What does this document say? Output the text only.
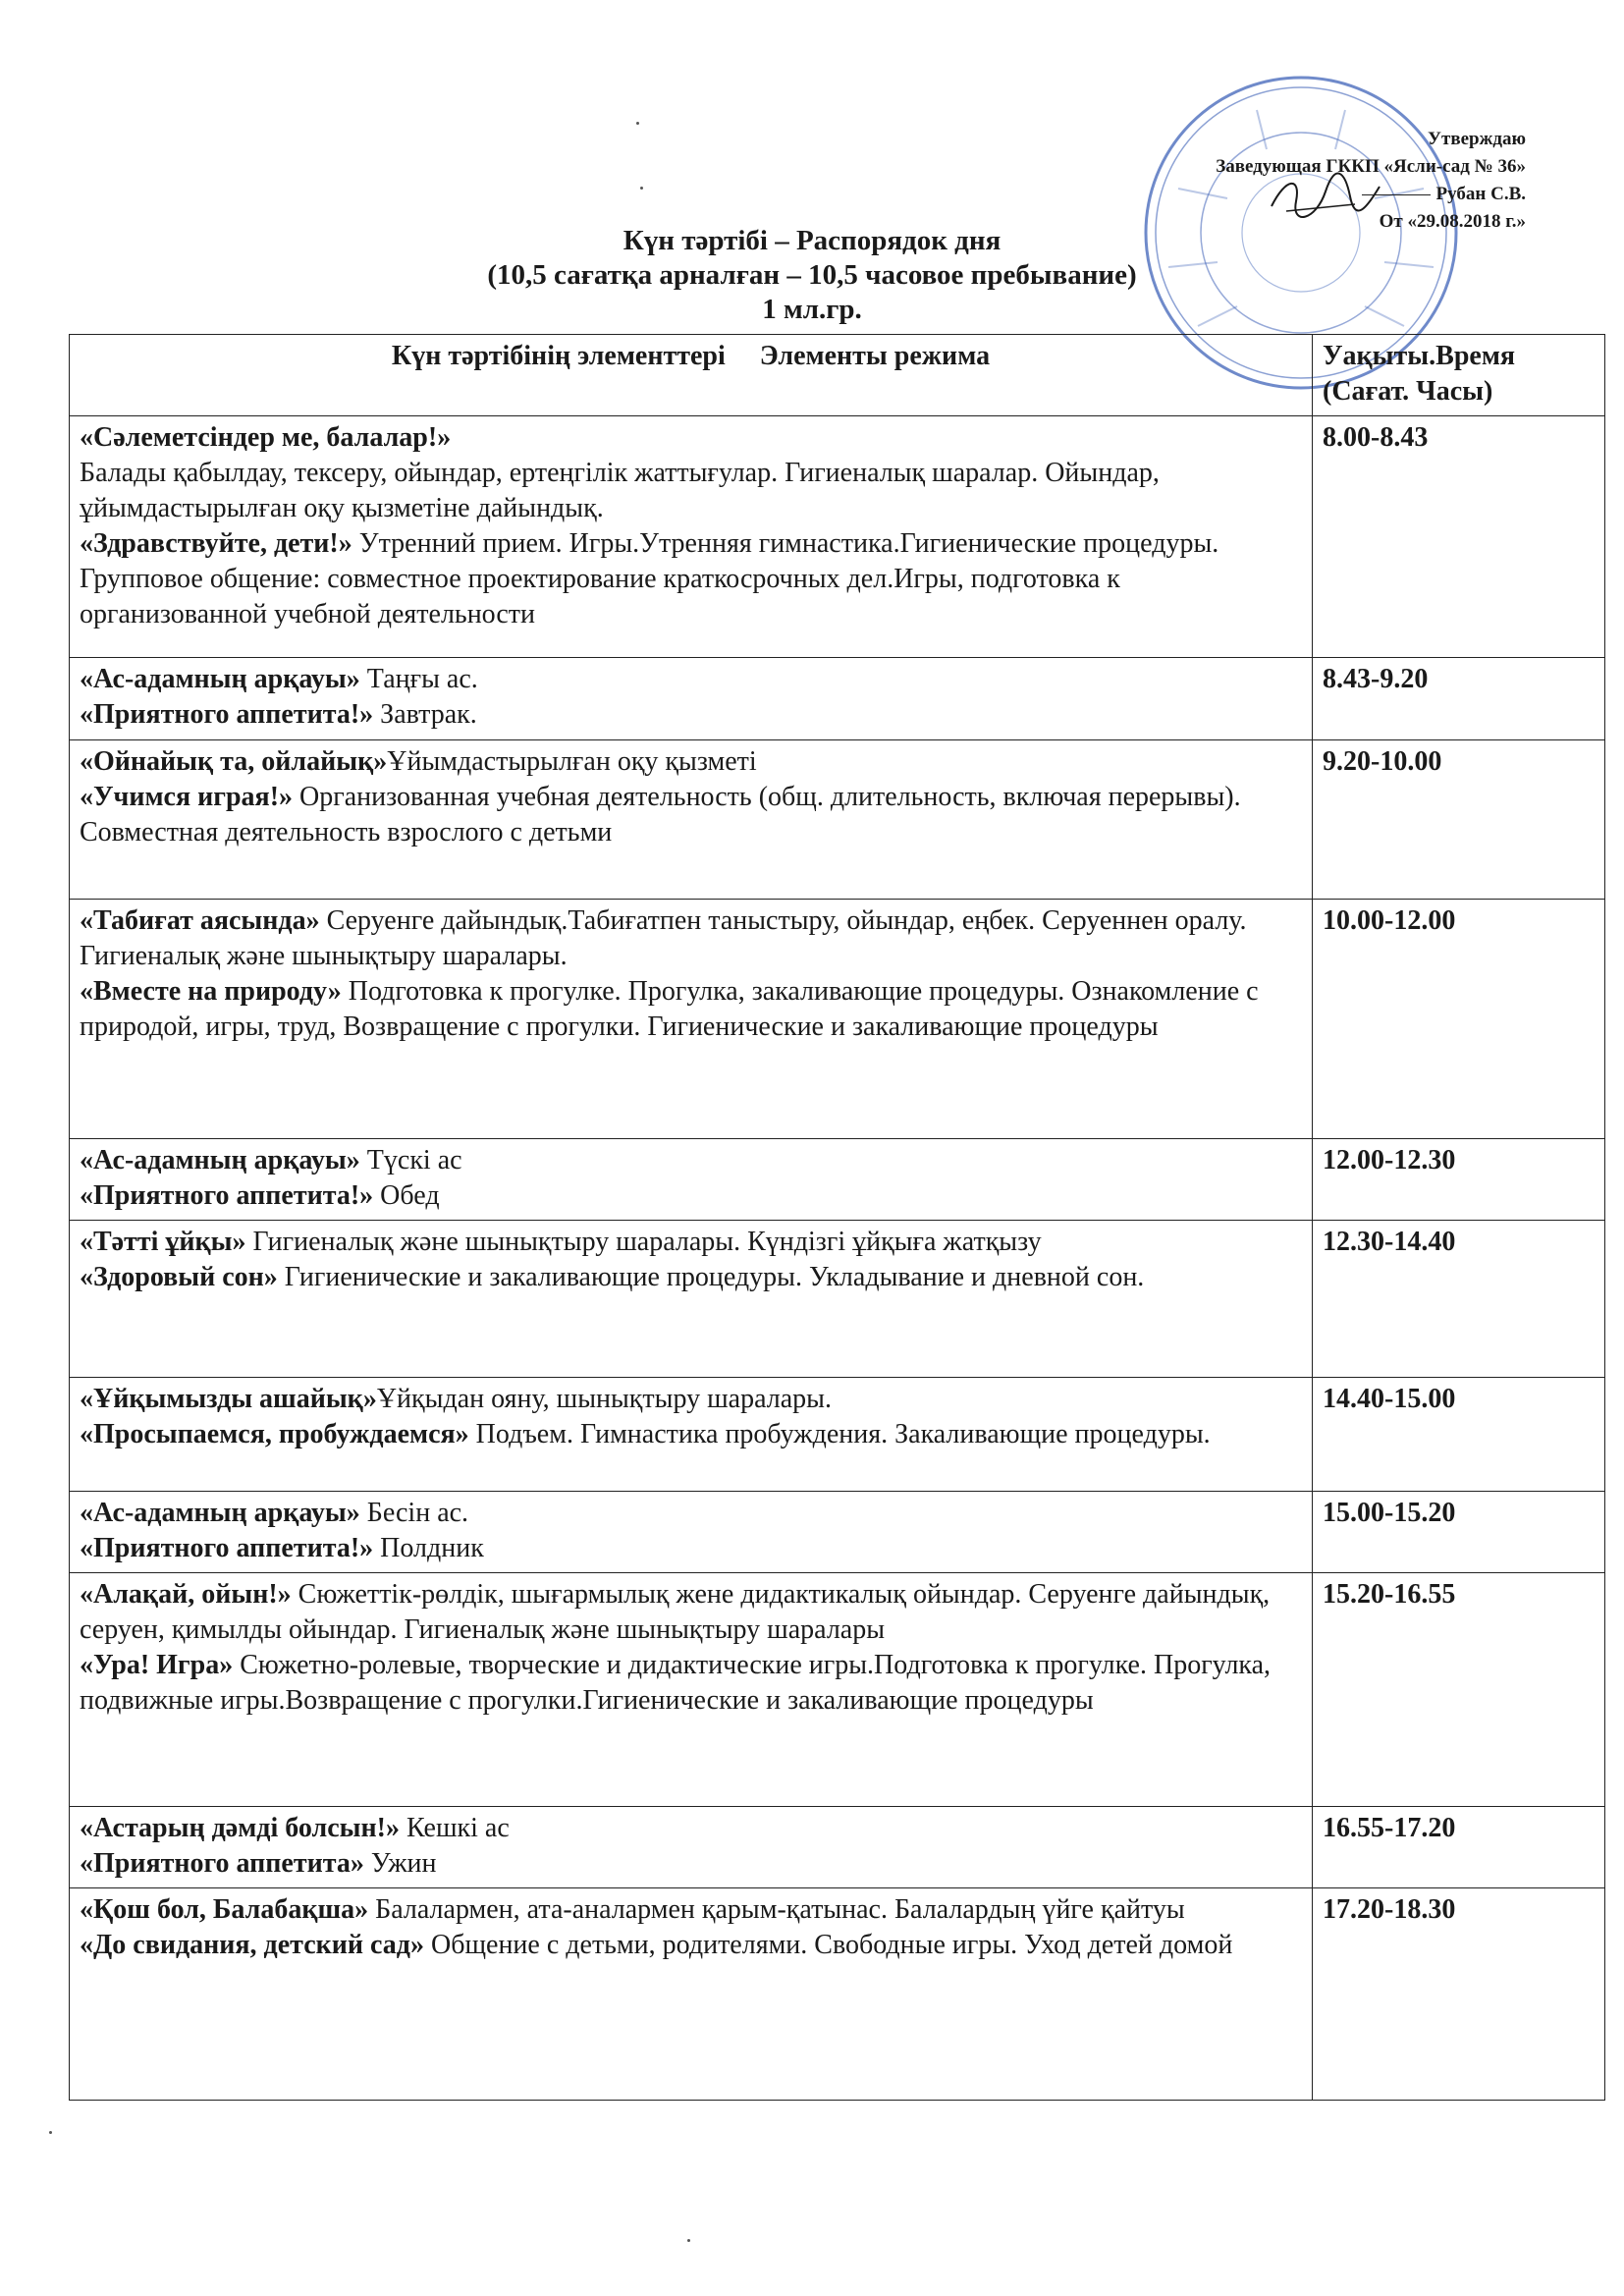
Утверждаю
Заведующая ГККП «Ясли-сад № 36»
Рубан С.В.
От «29.08.2018 г.»
Күн тәртібі – Распорядок дня
(10,5 сағатқа арналған – 10,5 часовое пребывание)
1 мл.гр.
Күн тәртібінің элементтері     Элементы режима	Уақыты.Время
(Сағат. Часы)

«Сәлеметсіндер ме, балалар!»
Балады қабылдау, тексеру, ойындар, ертеңгілік жаттығулар. Гигиеналық шаралар. Ойындар, ұйымдастырылған оқу қызметіне дайындық.
«Здравствуйте, дети!» Утренний прием. Игры.Утренняя гимнастика.Гигиенические процедуры. Групповое общение: совместное проектирование краткосрочных дел.Игры, подготовка к организованной учебной деятельности	8.00-8.43
«Ас-адамның арқауы» Таңғы ас.
«Приятного аппетита!» Завтрак.	8.43-9.20
«Ойнайық та, ойлайық»Ұйымдастырылған оқу қызметі
«Учимся играя!» Организованная учебная деятельность (общ. длительность, включая перерывы). Совместная деятельность взрослого с детьми	9.20-10.00
«Табиғат аясында» Серуенге дайындық.Табиғатпен таныстыру, ойындар, еңбек. Серуеннен оралу. Гигиеналық және шынықтыру шаралары.
«Вместе на природу» Подготовка к прогулке. Прогулка, закаливающие процедуры. Ознакомление с природой, игры, труд, Возвращение с прогулки. Гигиенические и закаливающие процедуры	10.00-12.00
«Ас-адамның арқауы» Түскі ас
«Приятного аппетита!» Обед	12.00-12.30
«Тәтті ұйқы» Гигиеналық және шынықтыру шаралары. Күндізгі ұйқыға жатқызу
«Здоровый сон» Гигиенические и закаливающие процедуры. Укладывание и дневной сон.	12.30-14.40
«Ұйқымызды ашайық»Ұйқыдан ояну, шынықтыру шаралары.
«Просыпаемся, пробуждаемся» Подъем. Гимнастика пробуждения. Закаливающие процедуры.	14.40-15.00
«Ас-адамның арқауы» Бесін ас.
«Приятного аппетита!» Полдник	15.00-15.20
«Алақай, ойын!» Сюжеттік-рөлдік, шығармылық жене дидактикалық ойындар. Серуенге дайындық, серуен, қимылды ойындар. Гигиеналық және шынықтыру шаралары
«Ура! Игра» Сюжетно-ролевые, творческие и дидактические игры.Подготовка к прогулке. Прогулка, подвижные игры.Возвращение с прогулки.Гигиенические и закаливающие процедуры	15.20-16.55
«Астарың дәмді болсын!» Кешкі ас
«Приятного аппетита» Ужин	16.55-17.20
«Қош бол, Балабақша» Балалармен, ата-аналармен қарым-қатынас. Балалардың үйге қайтуы
«До свидания, детский сад» Общение с детьми, родителями. Свободные игры. Уход детей домой	17.20-18.30
